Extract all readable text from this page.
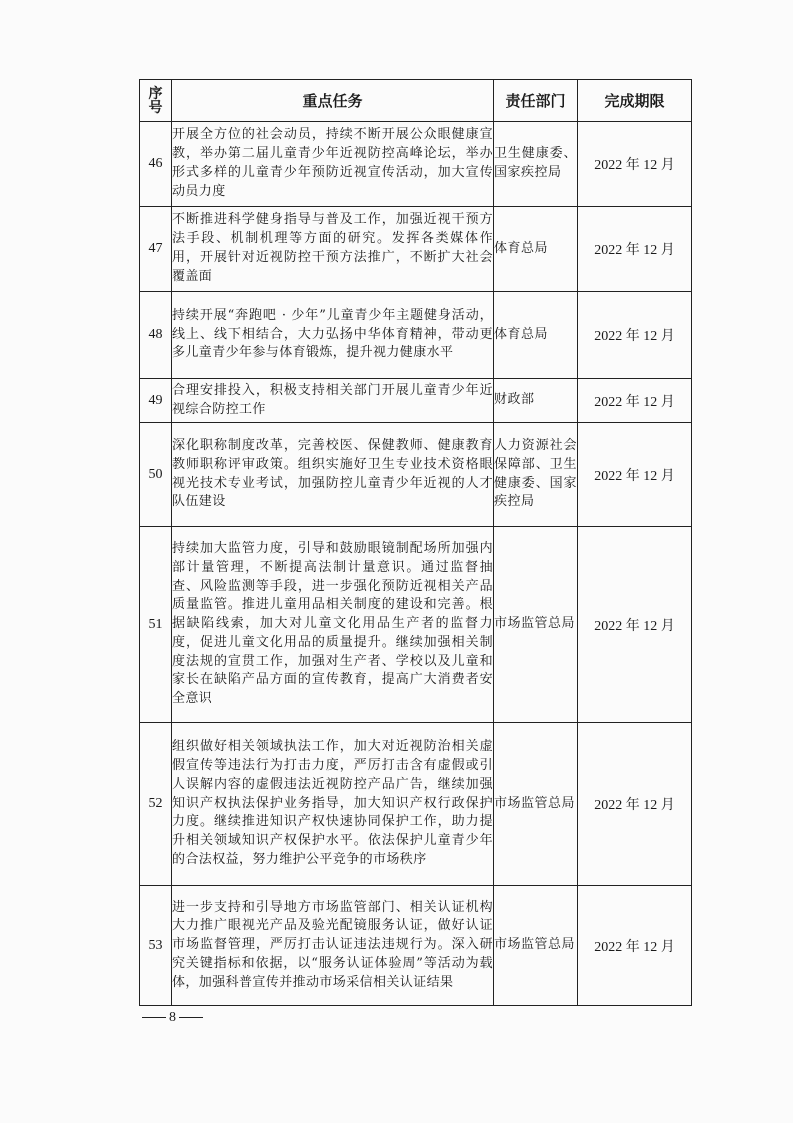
序号	重点任务	责任部门	完成期限
46	开展全方位的社会动员，持续不断开展公众眼健康宣教，举办第二届儿童青少年近视防控高峰论坛，举办形式多样的儿童青少年预防近视宣传活动，加大宣传动员力度	卫生健康委、国家疾控局	2022 年 12 月
47	不断推进科学健身指导与普及工作，加强近视干预方法手段、机制机理等方面的研究。发挥各类媒体作用，开展针对近视防控干预方法推广，不断扩大社会覆盖面	体育总局	2022 年 12 月
48	持续开展“奔跑吧 · 少年”儿童青少年主题健身活动，线上、线下相结合，大力弘扬中华体育精神，带动更多儿童青少年参与体育锻炼，提升视力健康水平	体育总局	2022 年 12 月
49	合理安排投入，积极支持相关部门开展儿童青少年近视综合防控工作	财政部	2022 年 12 月
50	深化职称制度改革，完善校医、保健教师、健康教育教师职称评审政策。组织实施好卫生专业技术资格眼视光技术专业考试，加强防控儿童青少年近视的人才队伍建设	人力资源社会保障部、卫生健康委、国家疾控局	2022 年 12 月
51	持续加大监管力度，引导和鼓励眼镜制配场所加强内部计量管理，不断提高法制计量意识。通过监督抽查、风险监测等手段，进一步强化预防近视相关产品质量监管。推进儿童用品相关制度的建设和完善。根据缺陷线索，加大对儿童文化用品生产者的监督力度，促进儿童文化用品的质量提升。继续加强相关制度法规的宣贯工作，加强对生产者、学校以及儿童和家长在缺陷产品方面的宣传教育，提高广大消费者安全意识	市场监管总局	2022 年 12 月
52	组织做好相关领域执法工作，加大对近视防治相关虚假宣传等违法行为打击力度，严厉打击含有虚假或引人误解内容的虚假违法近视防控产品广告，继续加强知识产权执法保护业务指导，加大知识产权行政保护力度。继续推进知识产权快速协同保护工作，助力提升相关领域知识产权保护水平。依法保护儿童青少年的合法权益，努力维护公平竞争的市场秩序	市场监管总局	2022 年 12 月
53	进一步支持和引导地方市场监管部门、相关认证机构大力推广眼视光产品及验光配镜服务认证，做好认证市场监督管理，严厉打击认证违法违规行为。深入研究关键指标和依据，以“服务认证体验周”等活动为载体，加强科普宣传并推动市场采信相关认证结果	市场监管总局	2022 年 12 月
8
